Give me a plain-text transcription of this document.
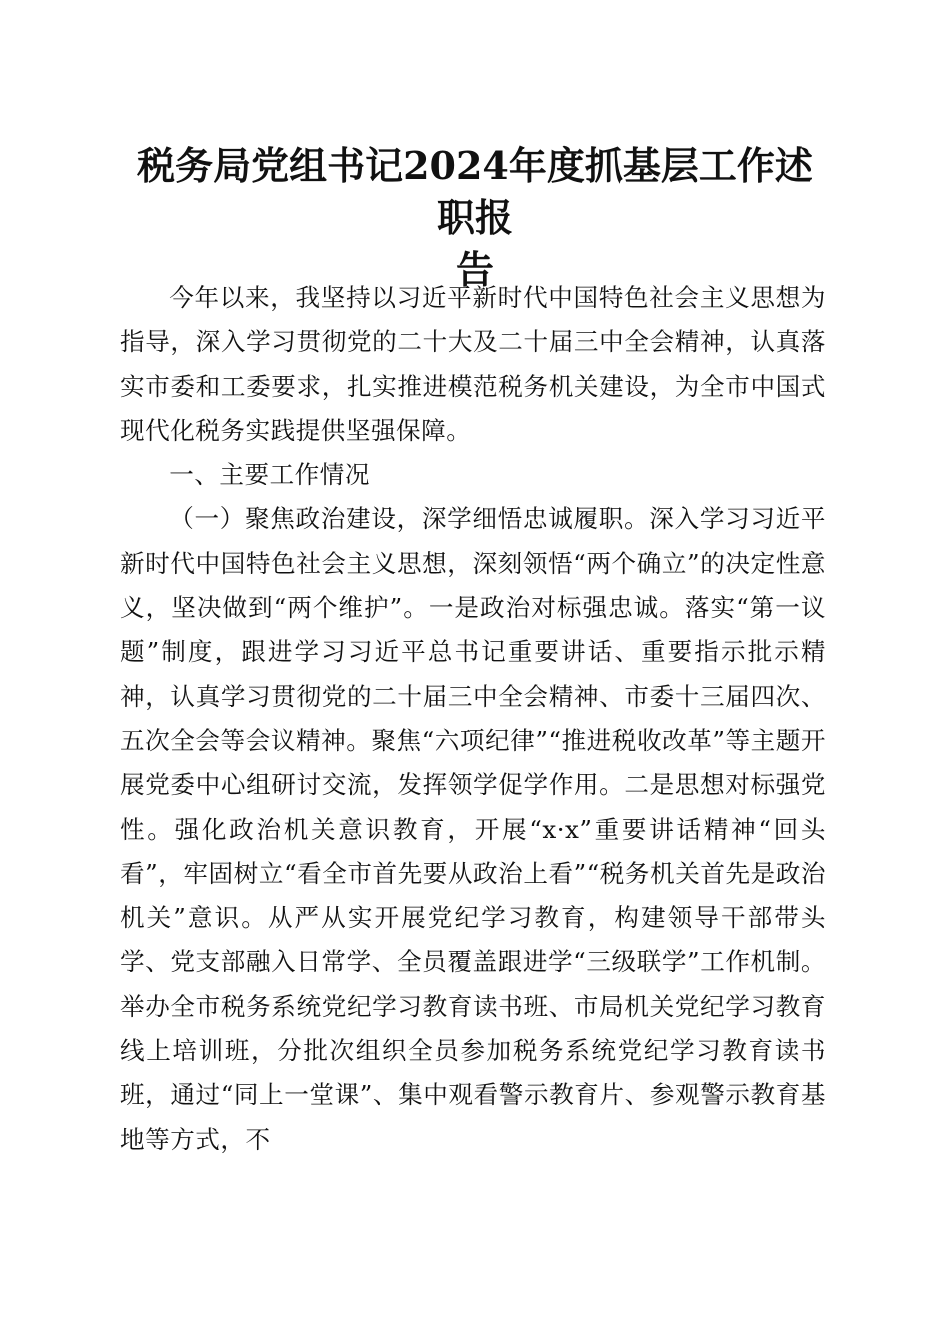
税务局党组书记2024年度抓基层工作述职报
告

今年以来，我坚持以习近平新时代中国特色社会主义思想为指导，深入学习贯彻党的二十大及二十届三中全会精神，认真落实市委和工委要求，扎实推进模范税务机关建设，为全市中国式现代化税务实践提供坚强保障。

一、主要工作情况

（一）聚焦政治建设，深学细悟忠诚履职。深入学习习近平新时代中国特色社会主义思想，深刻领悟“两个确立”的决定性意义，坚决做到“两个维护”。一是政治对标强忠诚。落实“第一议题”制度，跟进学习习近平总书记重要讲话、重要指示批示精神，认真学习贯彻党的二十届三中全会精神、市委十三届四次、五次全会等会议精神。聚焦“六项纪律”“推进税收改革”等主题开展党委中心组研讨交流，发挥领学促学作用。二是思想对标强党性。强化政治机关意识教育，开展“x·x”重要讲话精神“回头看”，牢固树立“看全市首先要从政治上看”“税务机关首先是政治机关”意识。从严从实开展党纪学习教育，构建领导干部带头学、党支部融入日常学、全员覆盖跟进学“三级联学”工作机制。举办全市税务系统党纪学习教育读书班、市局机关党纪学习教育线上培训班，分批次组织全员参加税务系统党纪学习教育读书班，通过“同上一堂课”、集中观看警示教育片、参观警示教育基地等方式，不
